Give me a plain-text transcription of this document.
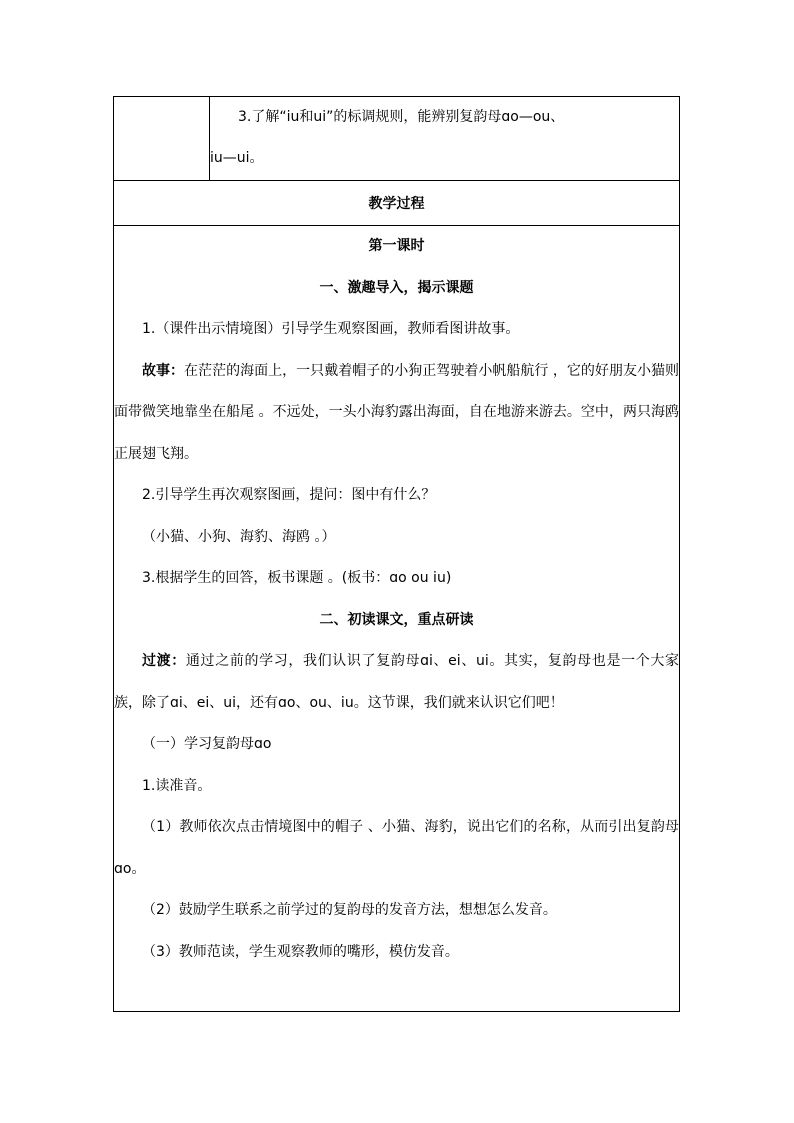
3.了解“iu和ui”的标调规则，能辨别复韵母ɑo—ou、

iu—ui。

教学过程

第一课时

一、激趣导入，揭示课题

1.（课件出示情境图）引导学生观察图画，教师看图讲故事。

故事：在茫茫的海面上，一只戴着帽子的小狗正驾驶着小帆船航行 ，它的好朋友小猫则面带微笑地靠坐在船尾 。不远处，一头小海豹露出海面，自在地游来游去。空中，两只海鸥正展翅飞翔。

2.引导学生再次观察图画，提问：图中有什么？

（小猫、小狗、海豹、海鸥 。）

3.根据学生的回答，板书课题 。(板书：ɑo ou iu)

二、初读课文，重点研读

过渡：通过之前的学习，我们认识了复韵母ɑi、ei、ui。其实，复韵母也是一个大家族，除了ɑi、ei、ui，还有ɑo、ou、iu。这节课，我们就来认识它们吧！

（一）学习复韵母ɑo

1.读准音。

（1）教师依次点击情境图中的帽子 、小猫、海豹，说出它们的名称，从而引出复韵母ɑo。

（2）鼓励学生联系之前学过的复韵母的发音方法，想想怎么发音。

（3）教师范读，学生观察教师的嘴形，模仿发音。
